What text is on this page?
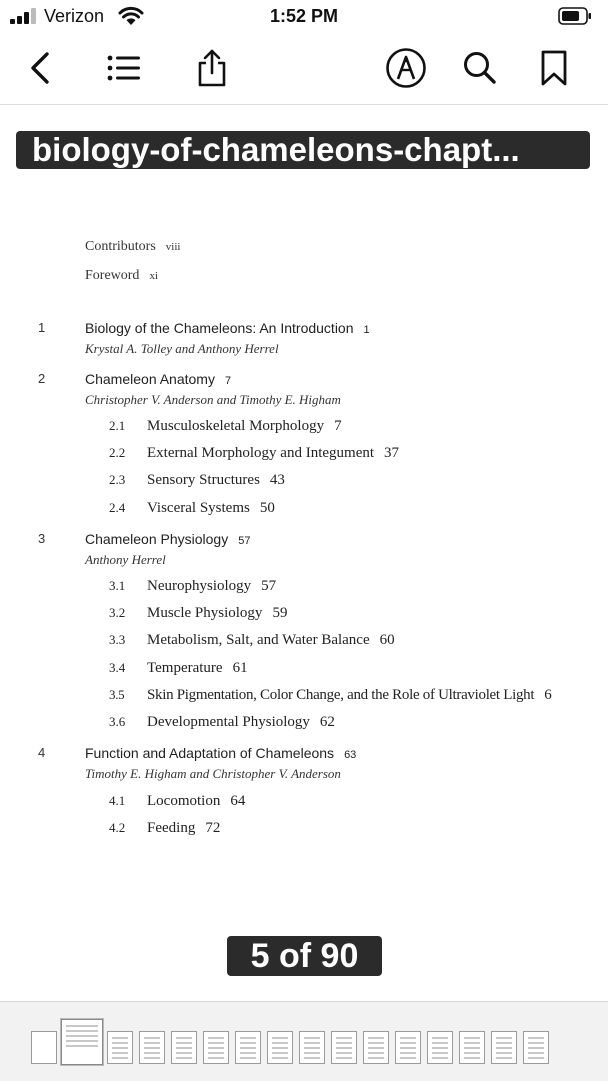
Verizon	1:52 PM
biology-of-chameleons-chapt...
Contributors viii
Foreword xi
1	Biology of the Chameleons: An Introduction 1
Krystal A. Tolley and Anthony Herrel
2	Chameleon Anatomy 7
Christopher V. Anderson and Timothy E. Higham
2.1 Musculoskeletal Morphology 7
2.2 External Morphology and Integument 37
2.3 Sensory Structures 43
2.4 Visceral Systems 50
3	Chameleon Physiology 57
Anthony Herrel
3.1 Neurophysiology 57
3.2 Muscle Physiology 59
3.3 Metabolism, Salt, and Water Balance 60
3.4 Temperature 61
3.5 Skin Pigmentation, Color Change, and the Role of Ultraviolet Light 6
3.6 Developmental Physiology 62
4	Function and Adaptation of Chameleons 63
Timothy E. Higham and Christopher V. Anderson
4.1 Locomotion 64
4.2 Feeding 72
5 of 90
